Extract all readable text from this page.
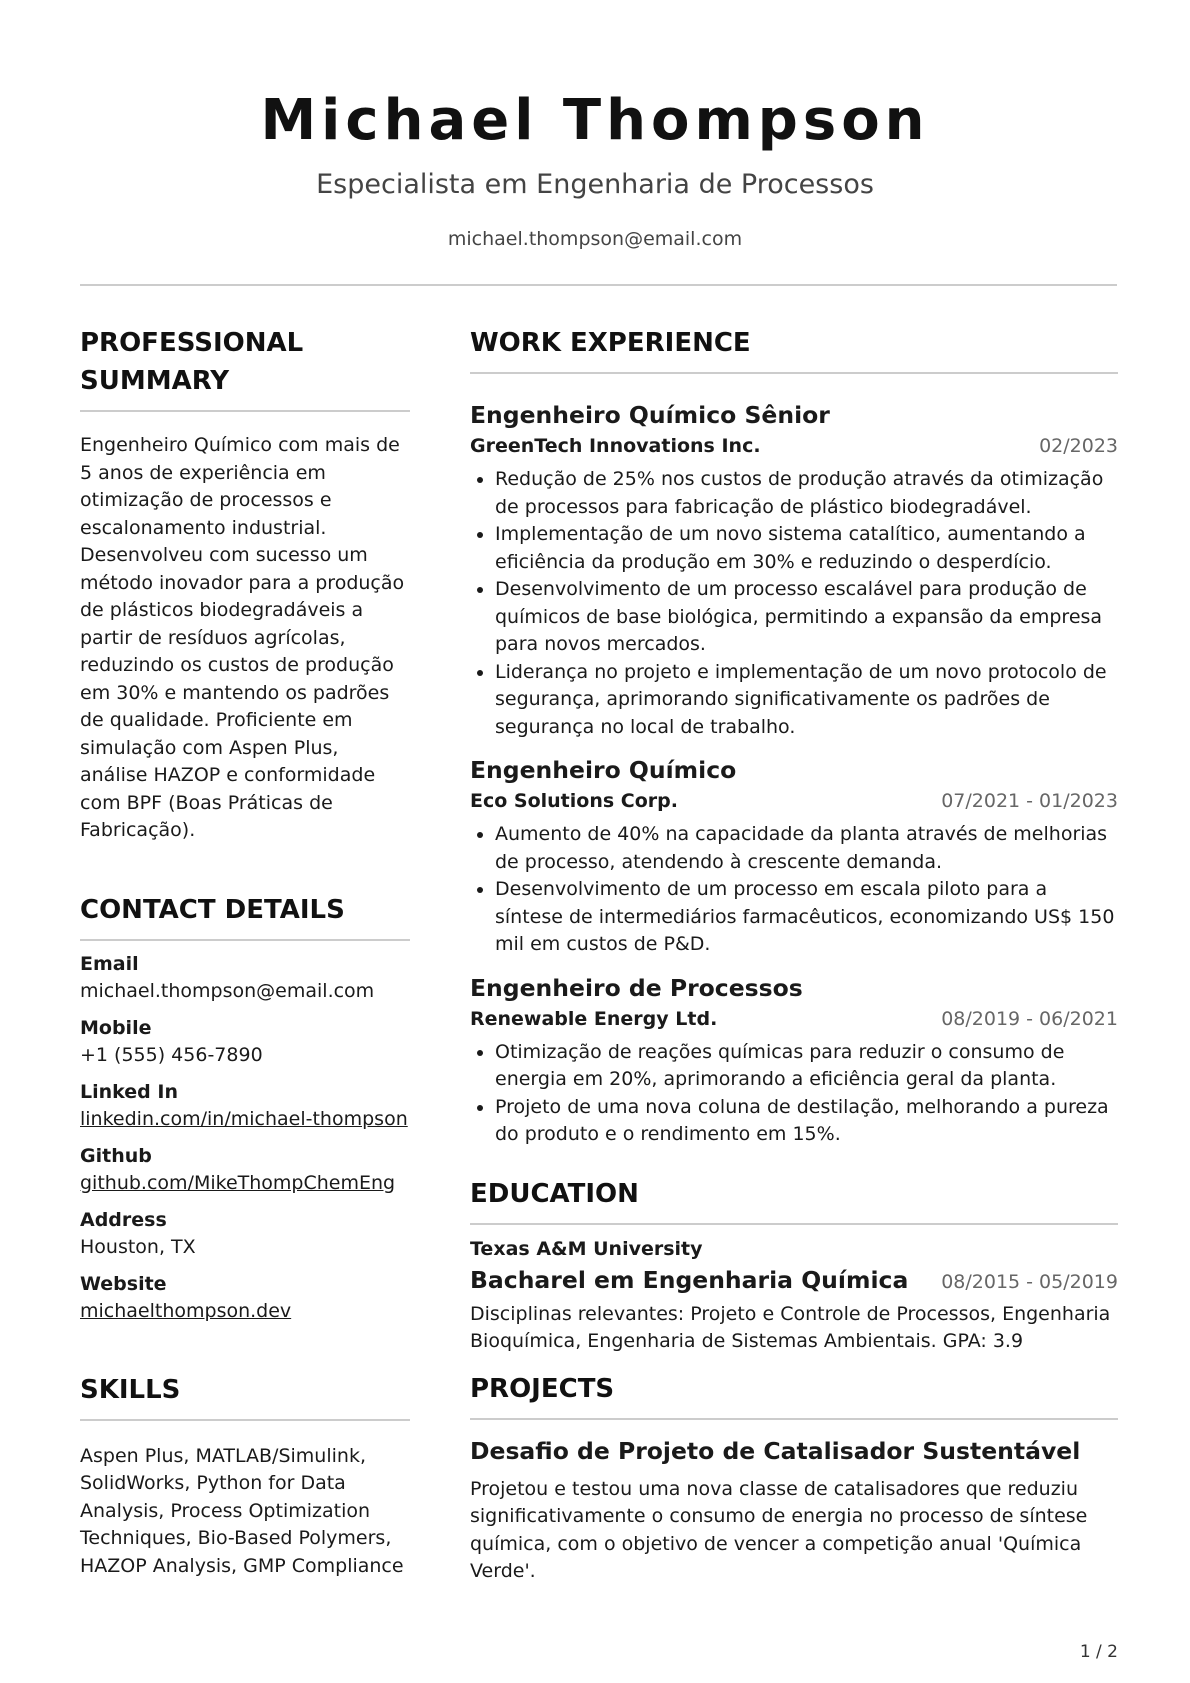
Michael Thompson
Especialista em Engenharia de Processos
michael.thompson@email.com
PROFESSIONAL SUMMARY
Engenheiro Químico com mais de 5 anos de experiência em otimização de processos e escalonamento industrial. Desenvolveu com sucesso um método inovador para a produção de plásticos biodegradáveis a partir de resíduos agrícolas, reduzindo os custos de produção em 30% e mantendo os padrões de qualidade. Proficiente em simulação com Aspen Plus, análise HAZOP e conformidade com BPF (Boas Práticas de Fabricação).
CONTACT DETAILS
Email
michael.thompson@email.com
Mobile
+1 (555) 456-7890
Linked In
linkedin.com/in/michael-thompson
Github
github.com/MikeThompChemEng
Address
Houston, TX
Website
michaelthompson.dev
SKILLS
Aspen Plus, MATLAB/Simulink, SolidWorks, Python for Data Analysis, Process Optimization Techniques, Bio-Based Polymers, HAZOP Analysis, GMP Compliance
WORK EXPERIENCE
Engenheiro Químico Sênior
GreenTech Innovations Inc.	02/2023
• Redução de 25% nos custos de produção através da otimização de processos para fabricação de plástico biodegradável.
• Implementação de um novo sistema catalítico, aumentando a eficiência da produção em 30% e reduzindo o desperdício.
• Desenvolvimento de um processo escalável para produção de químicos de base biológica, permitindo a expansão da empresa para novos mercados.
• Liderança no projeto e implementação de um novo protocolo de segurança, aprimorando significativamente os padrões de segurança no local de trabalho.
Engenheiro Químico
Eco Solutions Corp.	07/2021 - 01/2023
• Aumento de 40% na capacidade da planta através de melhorias de processo, atendendo à crescente demanda.
• Desenvolvimento de um processo em escala piloto para a síntese de intermediários farmacêuticos, economizando US$ 150 mil em custos de P&D.
Engenheiro de Processos
Renewable Energy Ltd.	08/2019 - 06/2021
• Otimização de reações químicas para reduzir o consumo de energia em 20%, aprimorando a eficiência geral da planta.
• Projeto de uma nova coluna de destilação, melhorando a pureza do produto e o rendimento em 15%.
EDUCATION
Texas A&M University
Bacharel em Engenharia Química 08/2015 - 05/2019
Disciplinas relevantes: Projeto e Controle de Processos, Engenharia Bioquímica, Engenharia de Sistemas Ambientais. GPA: 3.9
PROJECTS
Desafio de Projeto de Catalisador Sustentável
Projetou e testou uma nova classe de catalisadores que reduziu significativamente o consumo de energia no processo de síntese química, com o objetivo de vencer a competição anual 'Química Verde'.
1 / 2
